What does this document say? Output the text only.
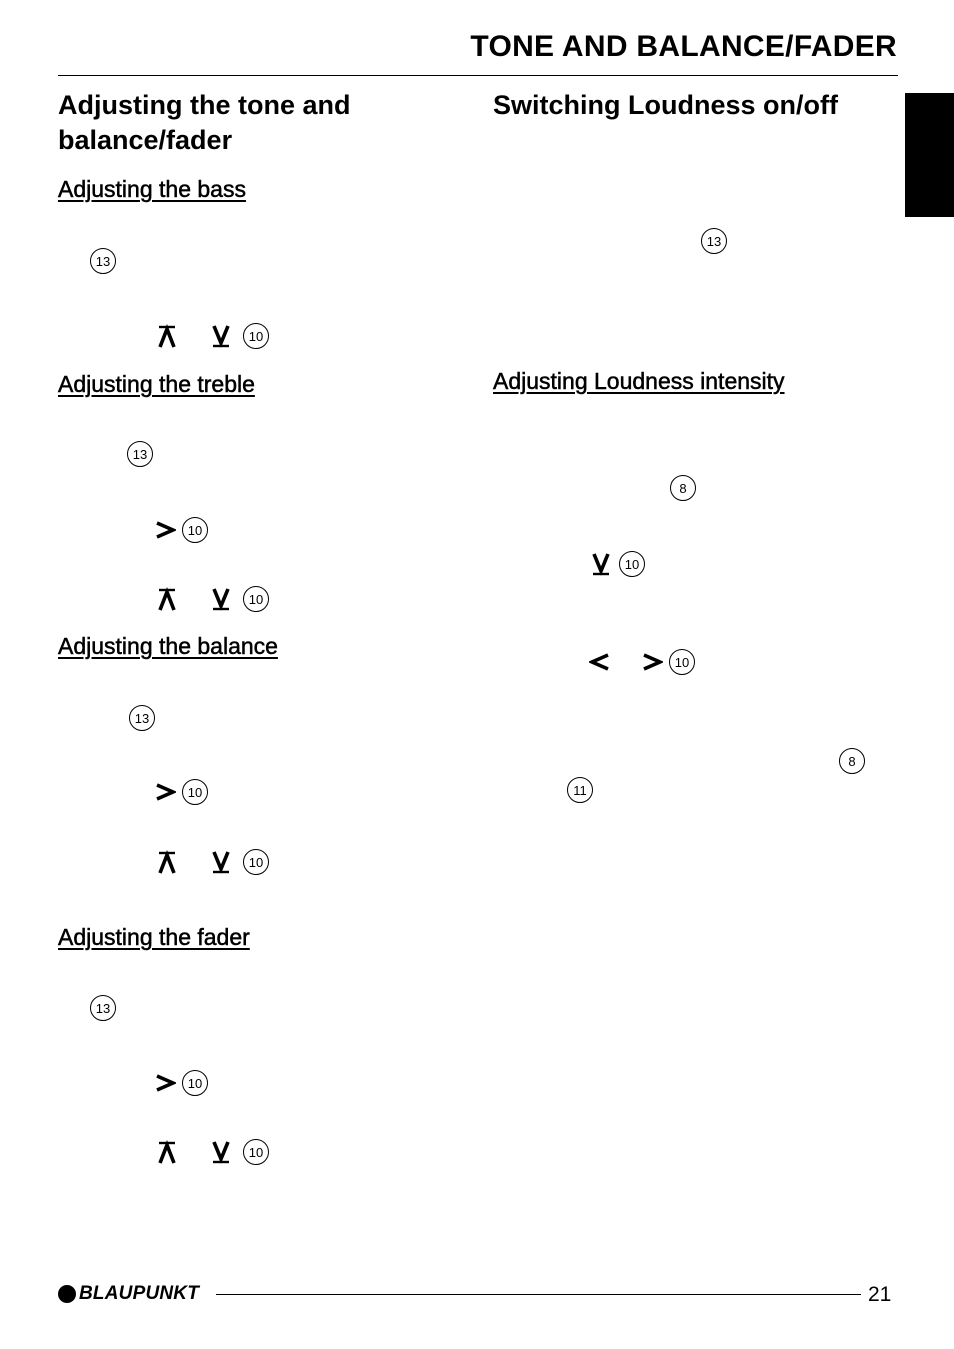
TONE AND BALANCE/FADER
Adjusting the tone and
balance/fader
Adjusting the bass
Adjusting the treble
Adjusting the balance
Adjusting the fader
Switching Loudness on/off
Adjusting Loudness intensity
13
10
13
10
10
13
10
10
13
10
10
13
8
10
10
8
11
BLAUPUNKT	21
